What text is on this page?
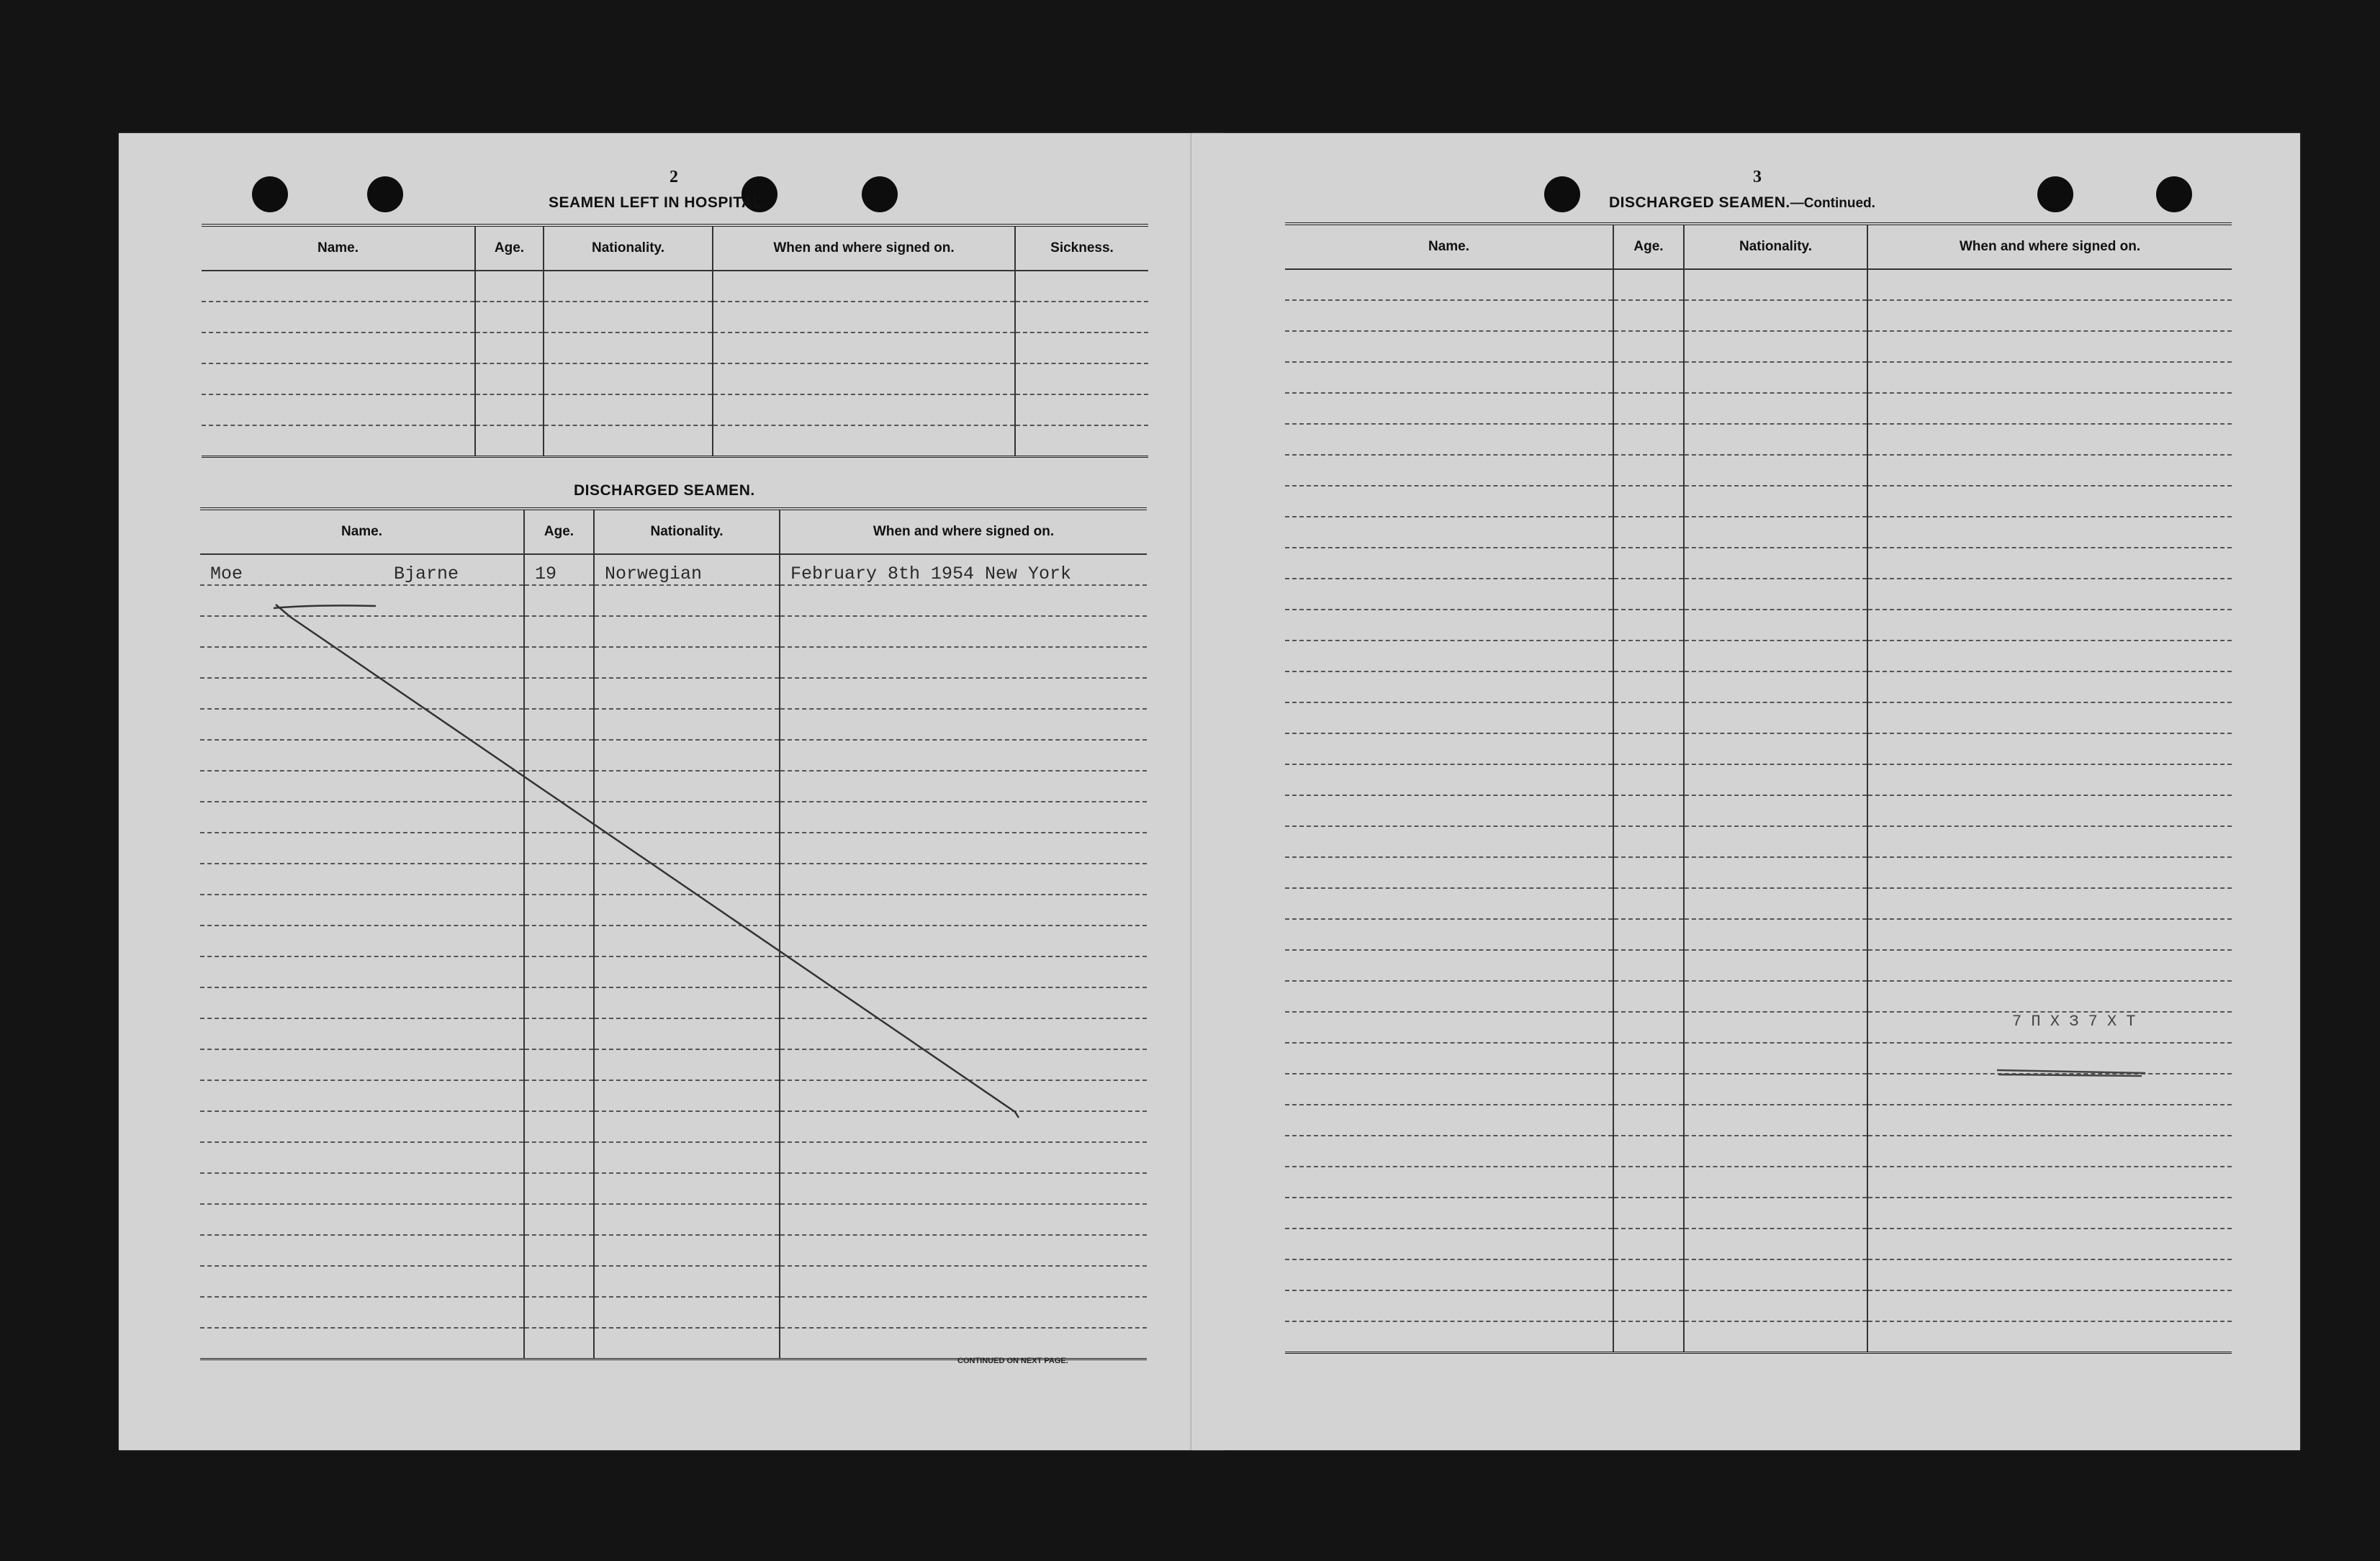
2
SEAMEN LEFT IN HOSPITAL.
Name.	Age.	Nationality.	When and where signed on.	Sickness.

DISCHARGED SEAMEN.
Name.	Age.	Nationality.	When and where signed on.
Moe Bjarne	19	Norwegian	February 8th 1954 New York

CONTINUED ON NEXT PAGE.
3
DISCHARGED SEAMEN.—Continued.
Name.	Age.	Nationality.	When and where signed on.

7 П Х З 7 Х Т
